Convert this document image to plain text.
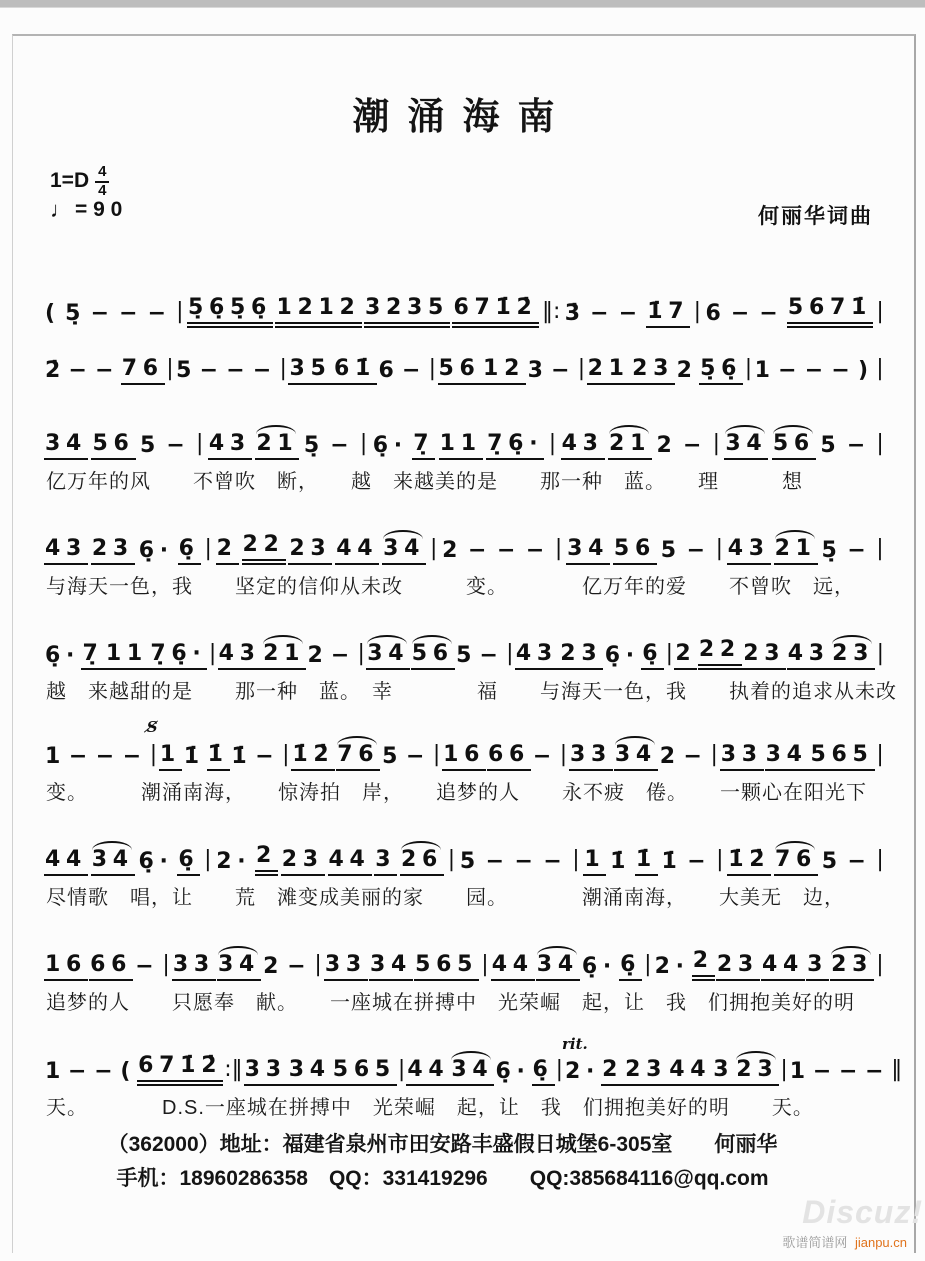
潮涌海南
$1=D \frac{4}{4}$
♩ = 9 0	何丽华词曲
( 5̣ − − − | 5̣6̣5̣6̣ 1212 3235 671̇2̇ ‖: 3̇ − − 1̇7 | 6 − − 5671̇ |
2̇ − − 76 | 5 − − − | 35 61̇ 6 − | 56 12 3 − | 21 23 2 5̣6̣ | 1 − − − ) |
34 56 5 − | 43 21 5̣ − | 6̣· 7̣ 11 7̣6̣· | 43 21 2 − | 34 56 5 − |
亿万年的风　　不曾吹　断，　　越　来越美的是　　那一种　蓝。　　理　　　想
43 23 6̣· 6̣ | 2 22 23 44 34 | 2 − − − | 34 56 5 − | 43 21 5̣ − |
与海天一色，我　　坚定的信仰从未改　　　变。　　　　亿万年的爱　　不曾吹　远，
6̣· 7̣ 11 7̣6̣· | 43 21 2 − | 34 56 5 − | 43 23 6̣· 6̣ | 2 22 23 43 23 |
越　来越甜的是　　那一种　蓝。　幸　　　　福　　与海天一色，我　　执着的追求从未改
1 − − − |
S̸
1 1̇ 1̇ 1̇ − | 1̇2̇ 76 5 − | 16 66 − | 33 34 2 − | 33 34 565 |
变。　　　潮涌南海，　　惊涛拍　岸，　　追梦的人　　永不疲　倦。　　一颗心在阳光下
44 34 6̣· 6̣ | 2· 2 23 44 3 26 | 5 − − − | 1 1̇ 1̇ 1̇ − | 1̇2̇ 76 5 − |
尽情歌　唱，让　　荒　滩变成美丽的家　　园。　　　　潮涌南海，　　大美无　边，
16 66 − | 33 34 2 − | 33 34 565 | 44 34 6̣· 6̣ | 2· 2 23 44 3 23 |
追梦的人　　只愿奉　献。　　一座城在拼搏中　光荣崛　起，让　我　们拥抱美好的明
1 − − ( 671̇2̇ :‖ 33 34 565 | 44 34 6̣· 6̣ | 2·
rit.
2 23 44 3 23 | 1 − − − ‖
天。　　　　D.S.一座城在拼搏中　光荣崛　起，让　我　们拥抱美好的明　　天。
（362000）地址：福建省泉州市田安路丰盛假日城堡6-305室　　何丽华
手机：18960286358　QQ：331419296　　QQ:385684116@qq.com
Discuz!
歌谱简谱网 jianpu.cn
